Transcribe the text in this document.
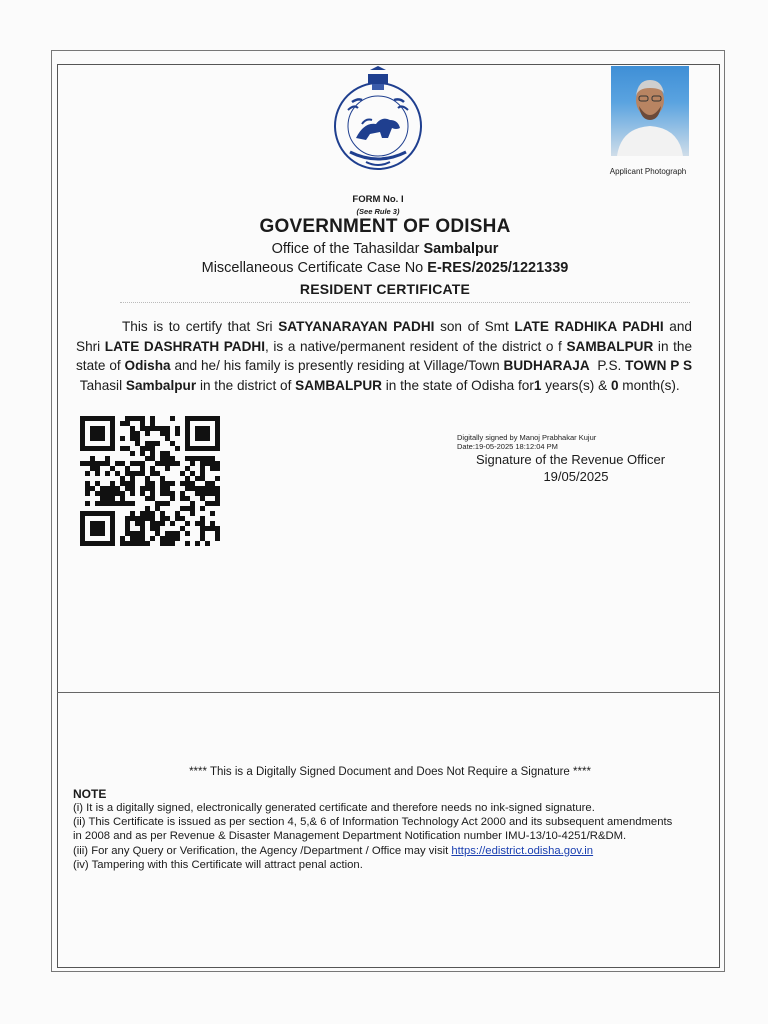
Applicant Photograph
FORM No. I
(See Rule 3)
GOVERNMENT OF ODISHA
Office of the Tahasildar Sambalpur
Miscellaneous Certificate Case No E-RES/2025/1221339
RESIDENT CERTIFICATE
This is to certify that Sri SATYANARAYAN PADHI son of Smt LATE RADHIKA PADHI and Shri LATE DASHRATH PADHI, is a native/permanent resident of the district o f SAMBALPUR in the state of Odisha and he/ his family is presently residing at Village/Town BUDHARAJA P.S. TOWN P S  Tahasil Sambalpur in the district of SAMBALPUR in the state of Odisha for1 years(s) & 0 month(s).
Digitally signed by Manoj Prabhakar Kujur
Date:19-05-2025 18:12:04 PM
Signature of the Revenue Officer
19/05/2025
**** This is a Digitally Signed Document and Does Not Require a Signature ****
NOTE
(i) It is a digitally signed, electronically generated certificate and therefore needs no ink-signed signature.
(ii) This Certificate is issued as per section 4, 5,& 6 of Information Technology Act 2000 and its subsequent amendments in 2008 and as per Revenue & Disaster Management Department Notification number IMU-13/10-4251/R&DM.
(iii) For any Query or Verification, the Agency /Department / Office may visit https://edistrict.odisha.gov.in
(iv) Tampering with this Certificate will attract penal action.
